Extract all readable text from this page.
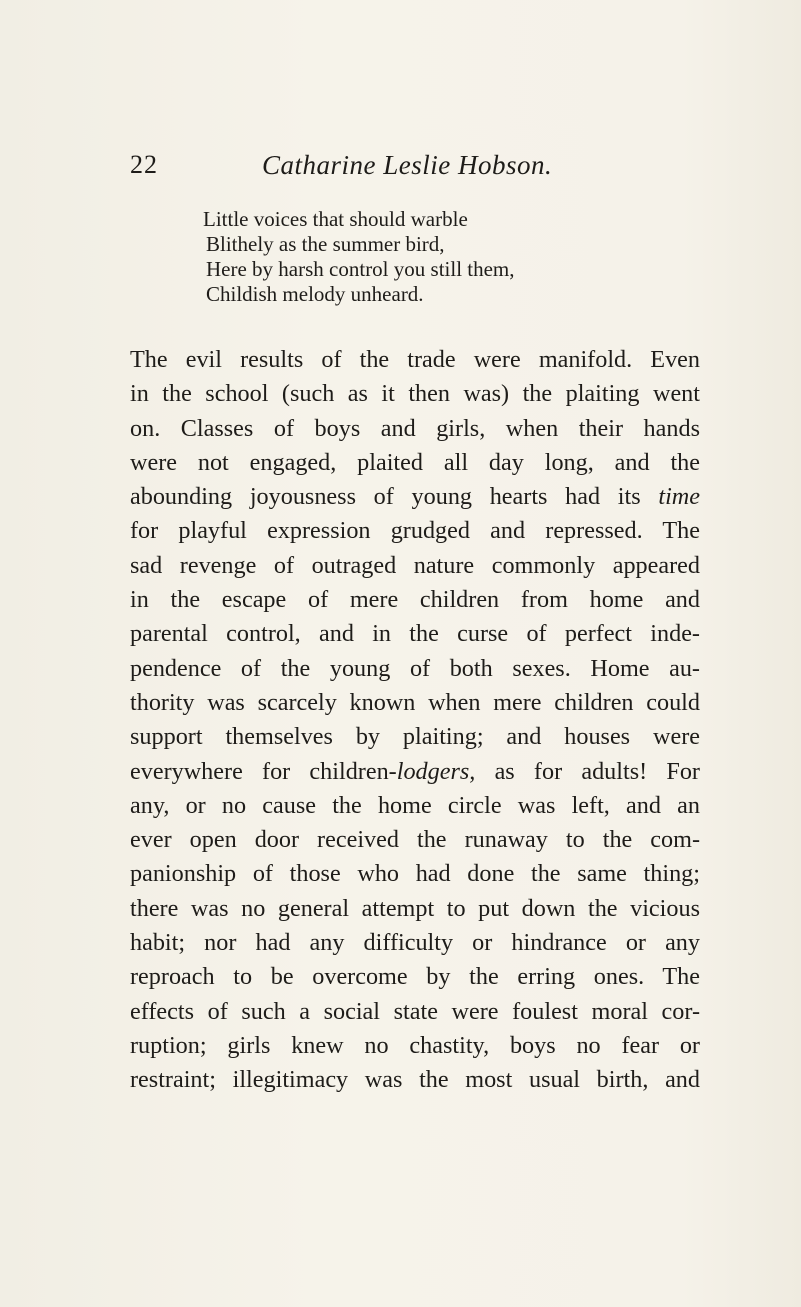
22	Catharine Leslie Hobson.
Little voices that should warble
Blithely as the summer bird,
Here by harsh control you still them,
Childish melody unheard.
The evil results of the trade were manifold. Even
in the school (such as it then was) the plaiting went
on. Classes of boys and girls, when their hands
were not engaged, plaited all day long, and the
abounding joyousness of young hearts had its time
for playful expression grudged and repressed. The
sad revenge of outraged nature commonly appeared
in the escape of mere children from home and
parental control, and in the curse of perfect inde-
pendence of the young of both sexes. Home au-
thority was scarcely known when mere children could
support themselves by plaiting; and houses were
everywhere for children-lodgers, as for adults! For
any, or no cause the home circle was left, and an
ever open door received the runaway to the com-
panionship of those who had done the same thing;
there was no general attempt to put down the vicious
habit; nor had any difficulty or hindrance or any
reproach to be overcome by the erring ones. The
effects of such a social state were foulest moral cor-
ruption; girls knew no chastity, boys no fear or
restraint; illegitimacy was the most usual birth, and
